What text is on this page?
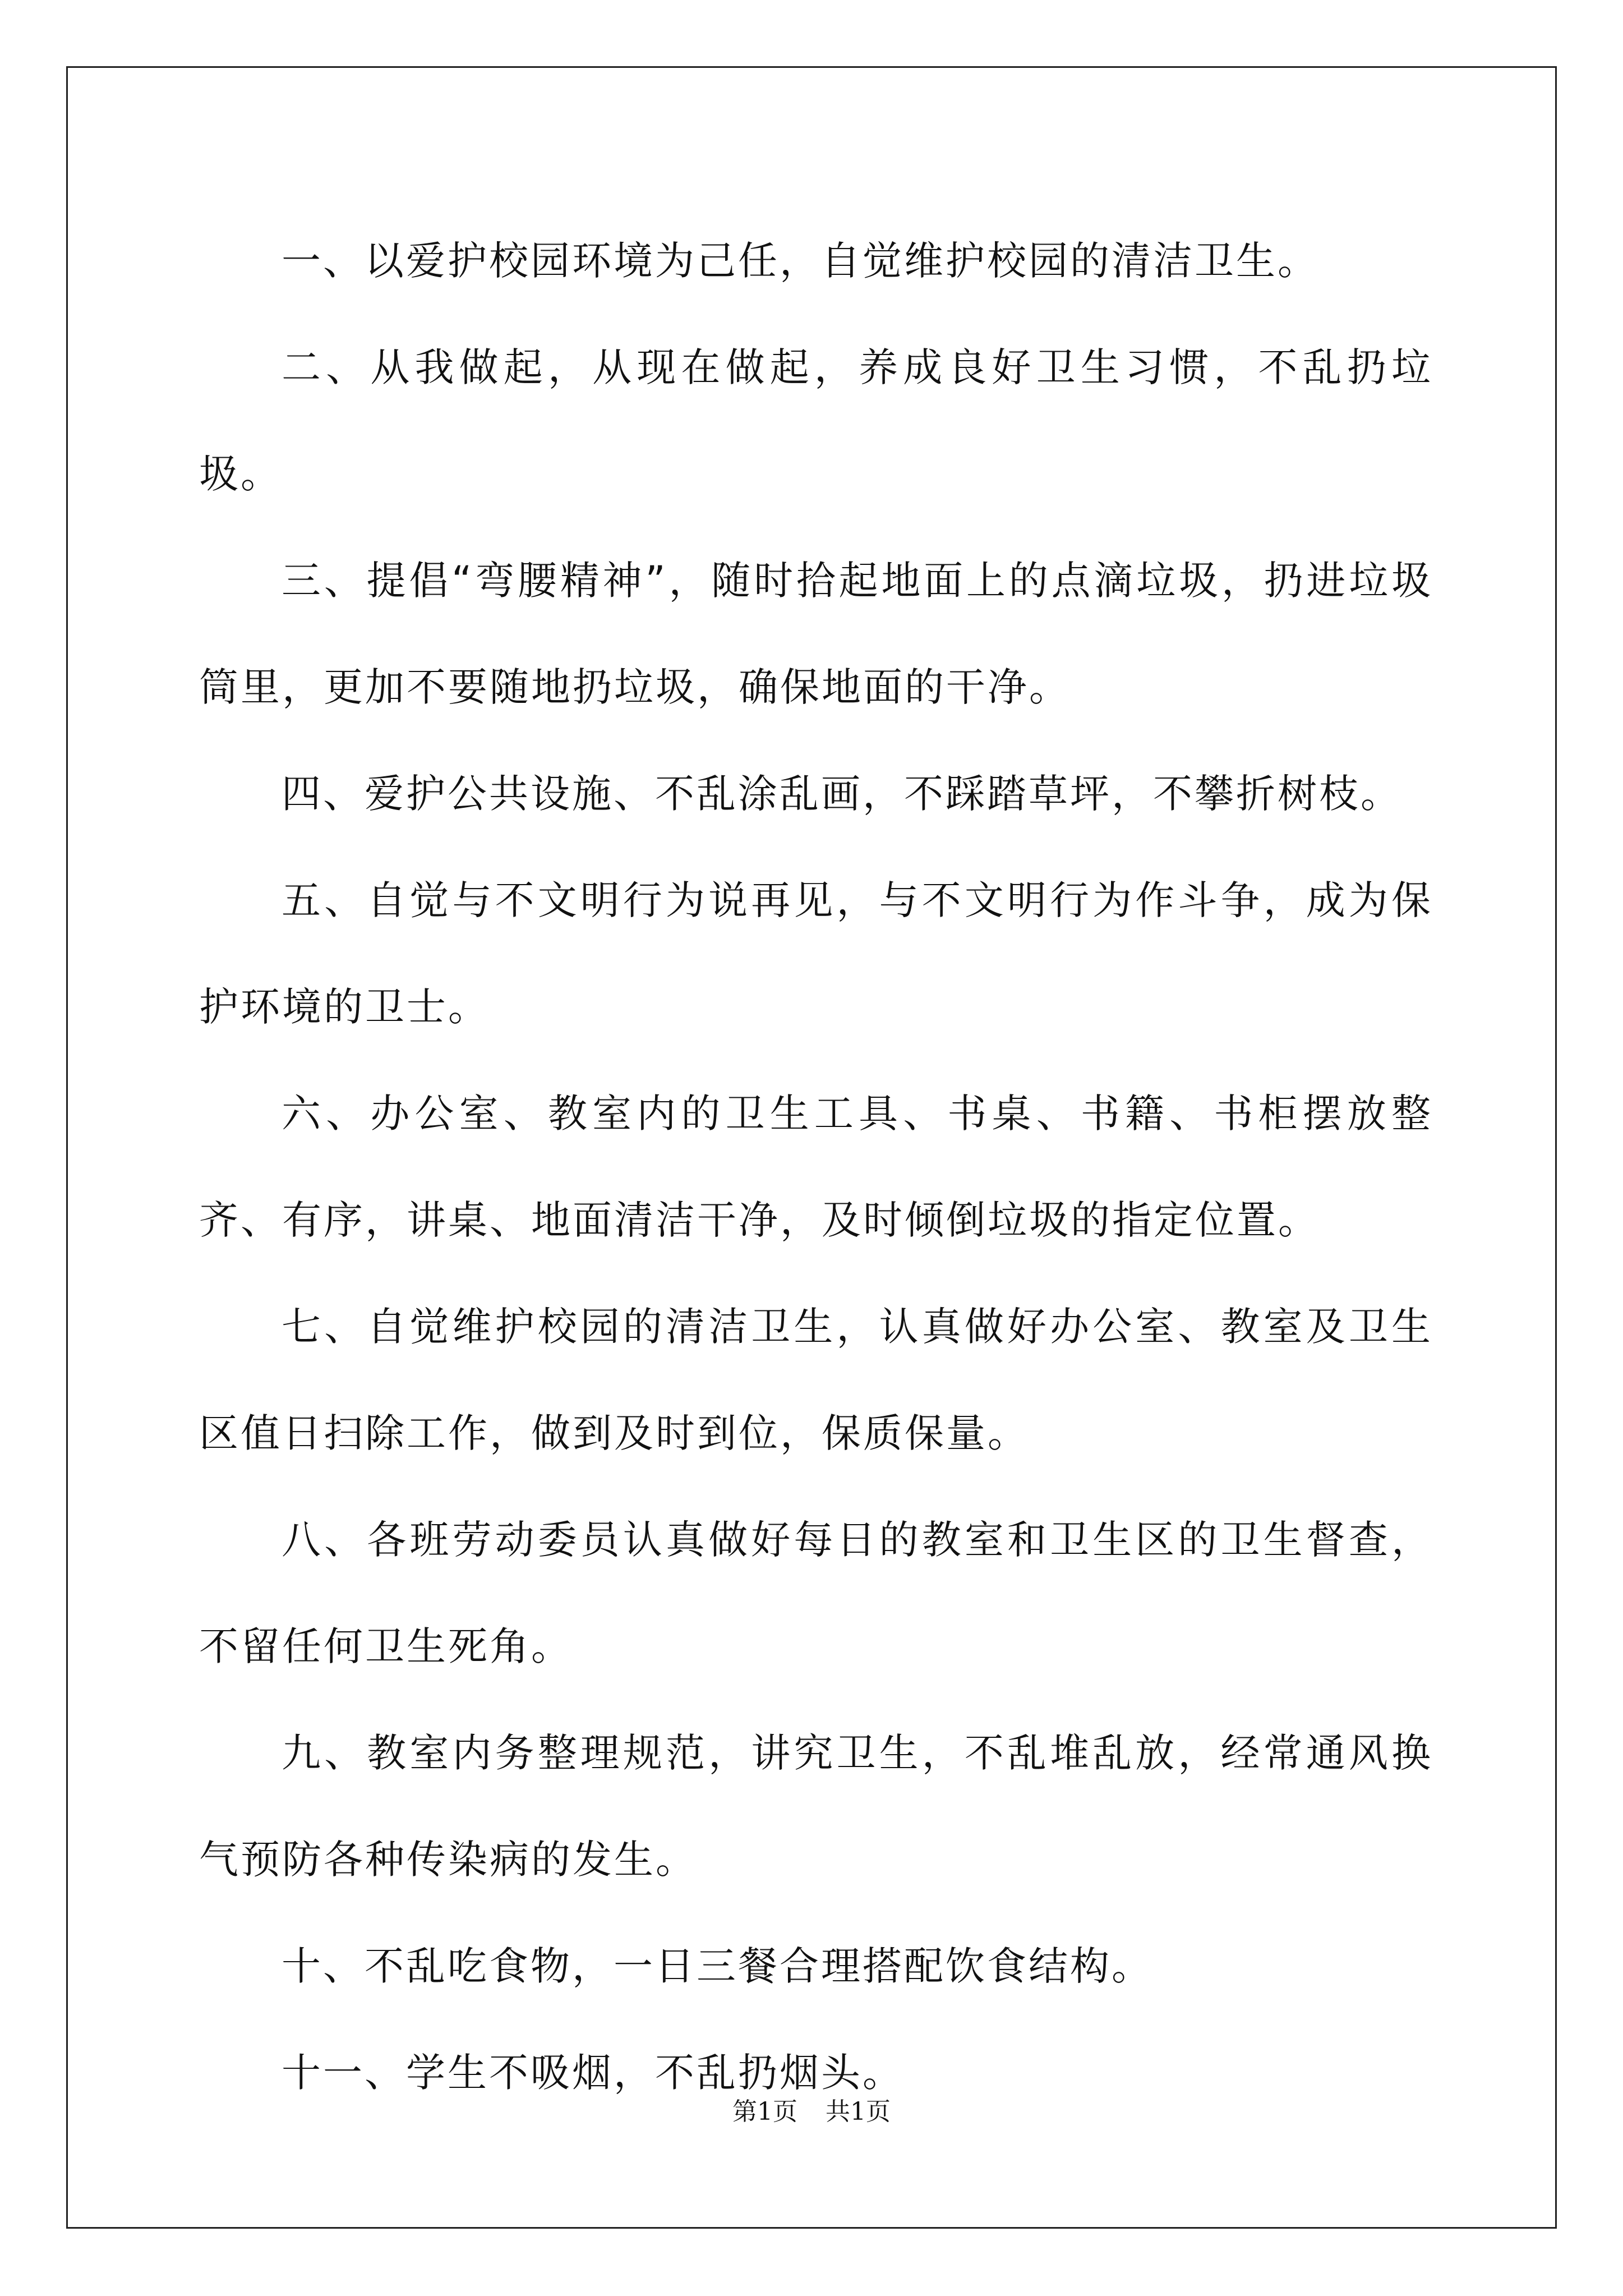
一、以爱护校园环境为己任，自觉维护校园的清洁卫生。

二、从我做起，从现在做起，养成良好卫生习惯，不乱扔垃圾。

三、提倡“弯腰精神”，随时拾起地面上的点滴垃圾，扔进垃圾筒里，更加不要随地扔垃圾，确保地面的干净。

四、爱护公共设施、不乱涂乱画，不踩踏草坪，不攀折树枝。

五、自觉与不文明行为说再见，与不文明行为作斗争，成为保护环境的卫士。

六、办公室、教室内的卫生工具、书桌、书籍、书柜摆放整齐、有序，讲桌、地面清洁干净，及时倾倒垃圾的指定位置。

七、自觉维护校园的清洁卫生，认真做好办公室、教室及卫生区值日扫除工作，做到及时到位，保质保量。

八、各班劳动委员认真做好每日的教室和卫生区的卫生督查，不留任何卫生死角。

九、教室内务整理规范，讲究卫生，不乱堆乱放，经常通风换气预防各种传染病的发生。

十、不乱吃食物，一日三餐合理搭配饮食结构。

十一、学生不吸烟，不乱扔烟头。

第1页 共1页
